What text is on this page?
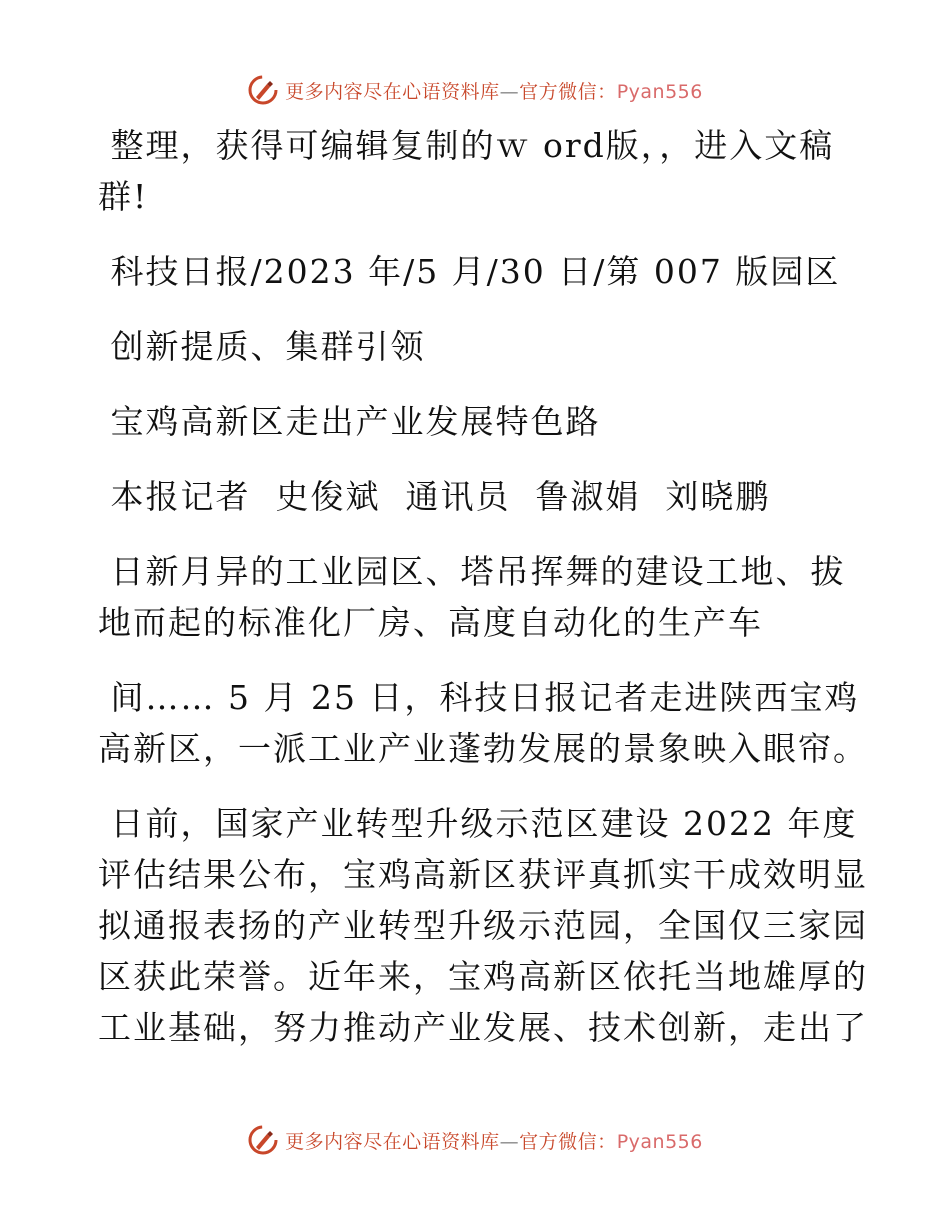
更多内容尽在心语资料库—官方微信：Pyan556
整理，获得可编辑复制的ｗ ord版，，进入文稿
群!
科技日报/2023 年/5 月/30 日/第 007 版园区
创新提质、集群引领
宝鸡高新区走出产业发展特色路
本报记者  史俊斌  通讯员  鲁淑娟  刘晓鹏
日新月异的工业园区、塔吊挥舞的建设工地、拔
地而起的标准化厂房、高度自动化的生产车
间…… 5 月 25 日，科技日报记者走进陕西宝鸡
高新区，一派工业产业蓬勃发展的景象映入眼帘。
日前，国家产业转型升级示范区建设 2022 年度
评估结果公布，宝鸡高新区获评真抓实干成效明显
拟通报表扬的产业转型升级示范园，全国仅三家园
区获此荣誉。近年来，宝鸡高新区依托当地雄厚的
工业基础，努力推动产业发展、技术创新，走出了
更多内容尽在心语资料库—官方微信：Pyan556
